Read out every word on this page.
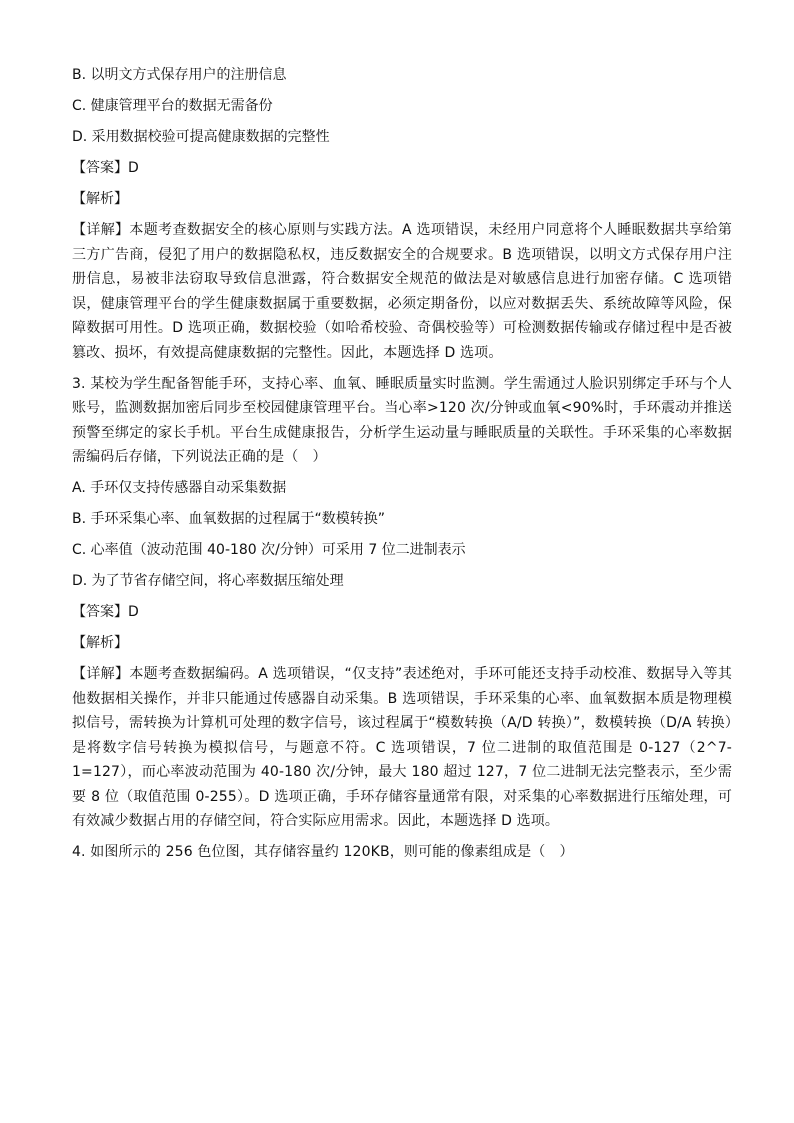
B. 以明文方式保存用户的注册信息
C. 健康管理平台的数据无需备份
D. 采用数据校验可提高健康数据的完整性
【答案】D
【解析】
【详解】本题考查数据安全的核心原则与实践方法。A 选项错误，未经用户同意将个人睡眠数据共享给第三方广告商，侵犯了用户的数据隐私权，违反数据安全的合规要求。B 选项错误，以明文方式保存用户注册信息，易被非法窃取导致信息泄露，符合数据安全规范的做法是对敏感信息进行加密存储。C 选项错误，健康管理平台的学生健康数据属于重要数据，必须定期备份，以应对数据丢失、系统故障等风险，保障数据可用性。D 选项正确，数据校验（如哈希校验、奇偶校验等）可检测数据传输或存储过程中是否被篡改、损坏，有效提高健康数据的完整性。因此，本题选择 D 选项。
3. 某校为学生配备智能手环，支持心率、血氧、睡眠质量实时监测。学生需通过人脸识别绑定手环与个人账号，监测数据加密后同步至校园健康管理平台。当心率>120 次/分钟或血氧<90%时，手环震动并推送预警至绑定的家长手机。平台生成健康报告，分析学生运动量与睡眠质量的关联性。手环采集的心率数据需编码后存储，下列说法正确的是（　）
A. 手环仅支持传感器自动采集数据
B. 手环采集心率、血氧数据的过程属于“数模转换”
C. 心率值（波动范围 40-180 次/分钟）可采用 7 位二进制表示
D. 为了节省存储空间，将心率数据压缩处理
【答案】D
【解析】
【详解】本题考查数据编码。A 选项错误，“仅支持”表述绝对，手环可能还支持手动校准、数据导入等其他数据相关操作，并非只能通过传感器自动采集。B 选项错误，手环采集的心率、血氧数据本质是物理模拟信号，需转换为计算机可处理的数字信号，该过程属于“模数转换（A/D 转换）”，数模转换（D/A 转换）是将数字信号转换为模拟信号，与题意不符。C 选项错误，7 位二进制的取值范围是 0-127（2^7-1=127），而心率波动范围为 40-180 次/分钟，最大 180 超过 127，7 位二进制无法完整表示，至少需要 8 位（取值范围 0-255）。D 选项正确，手环存储容量通常有限，对采集的心率数据进行压缩处理，可有效减少数据占用的存储空间，符合实际应用需求。因此，本题选择 D 选项。
4. 如图所示的 256 色位图，其存储容量约 120KB，则可能的像素组成是（　）
